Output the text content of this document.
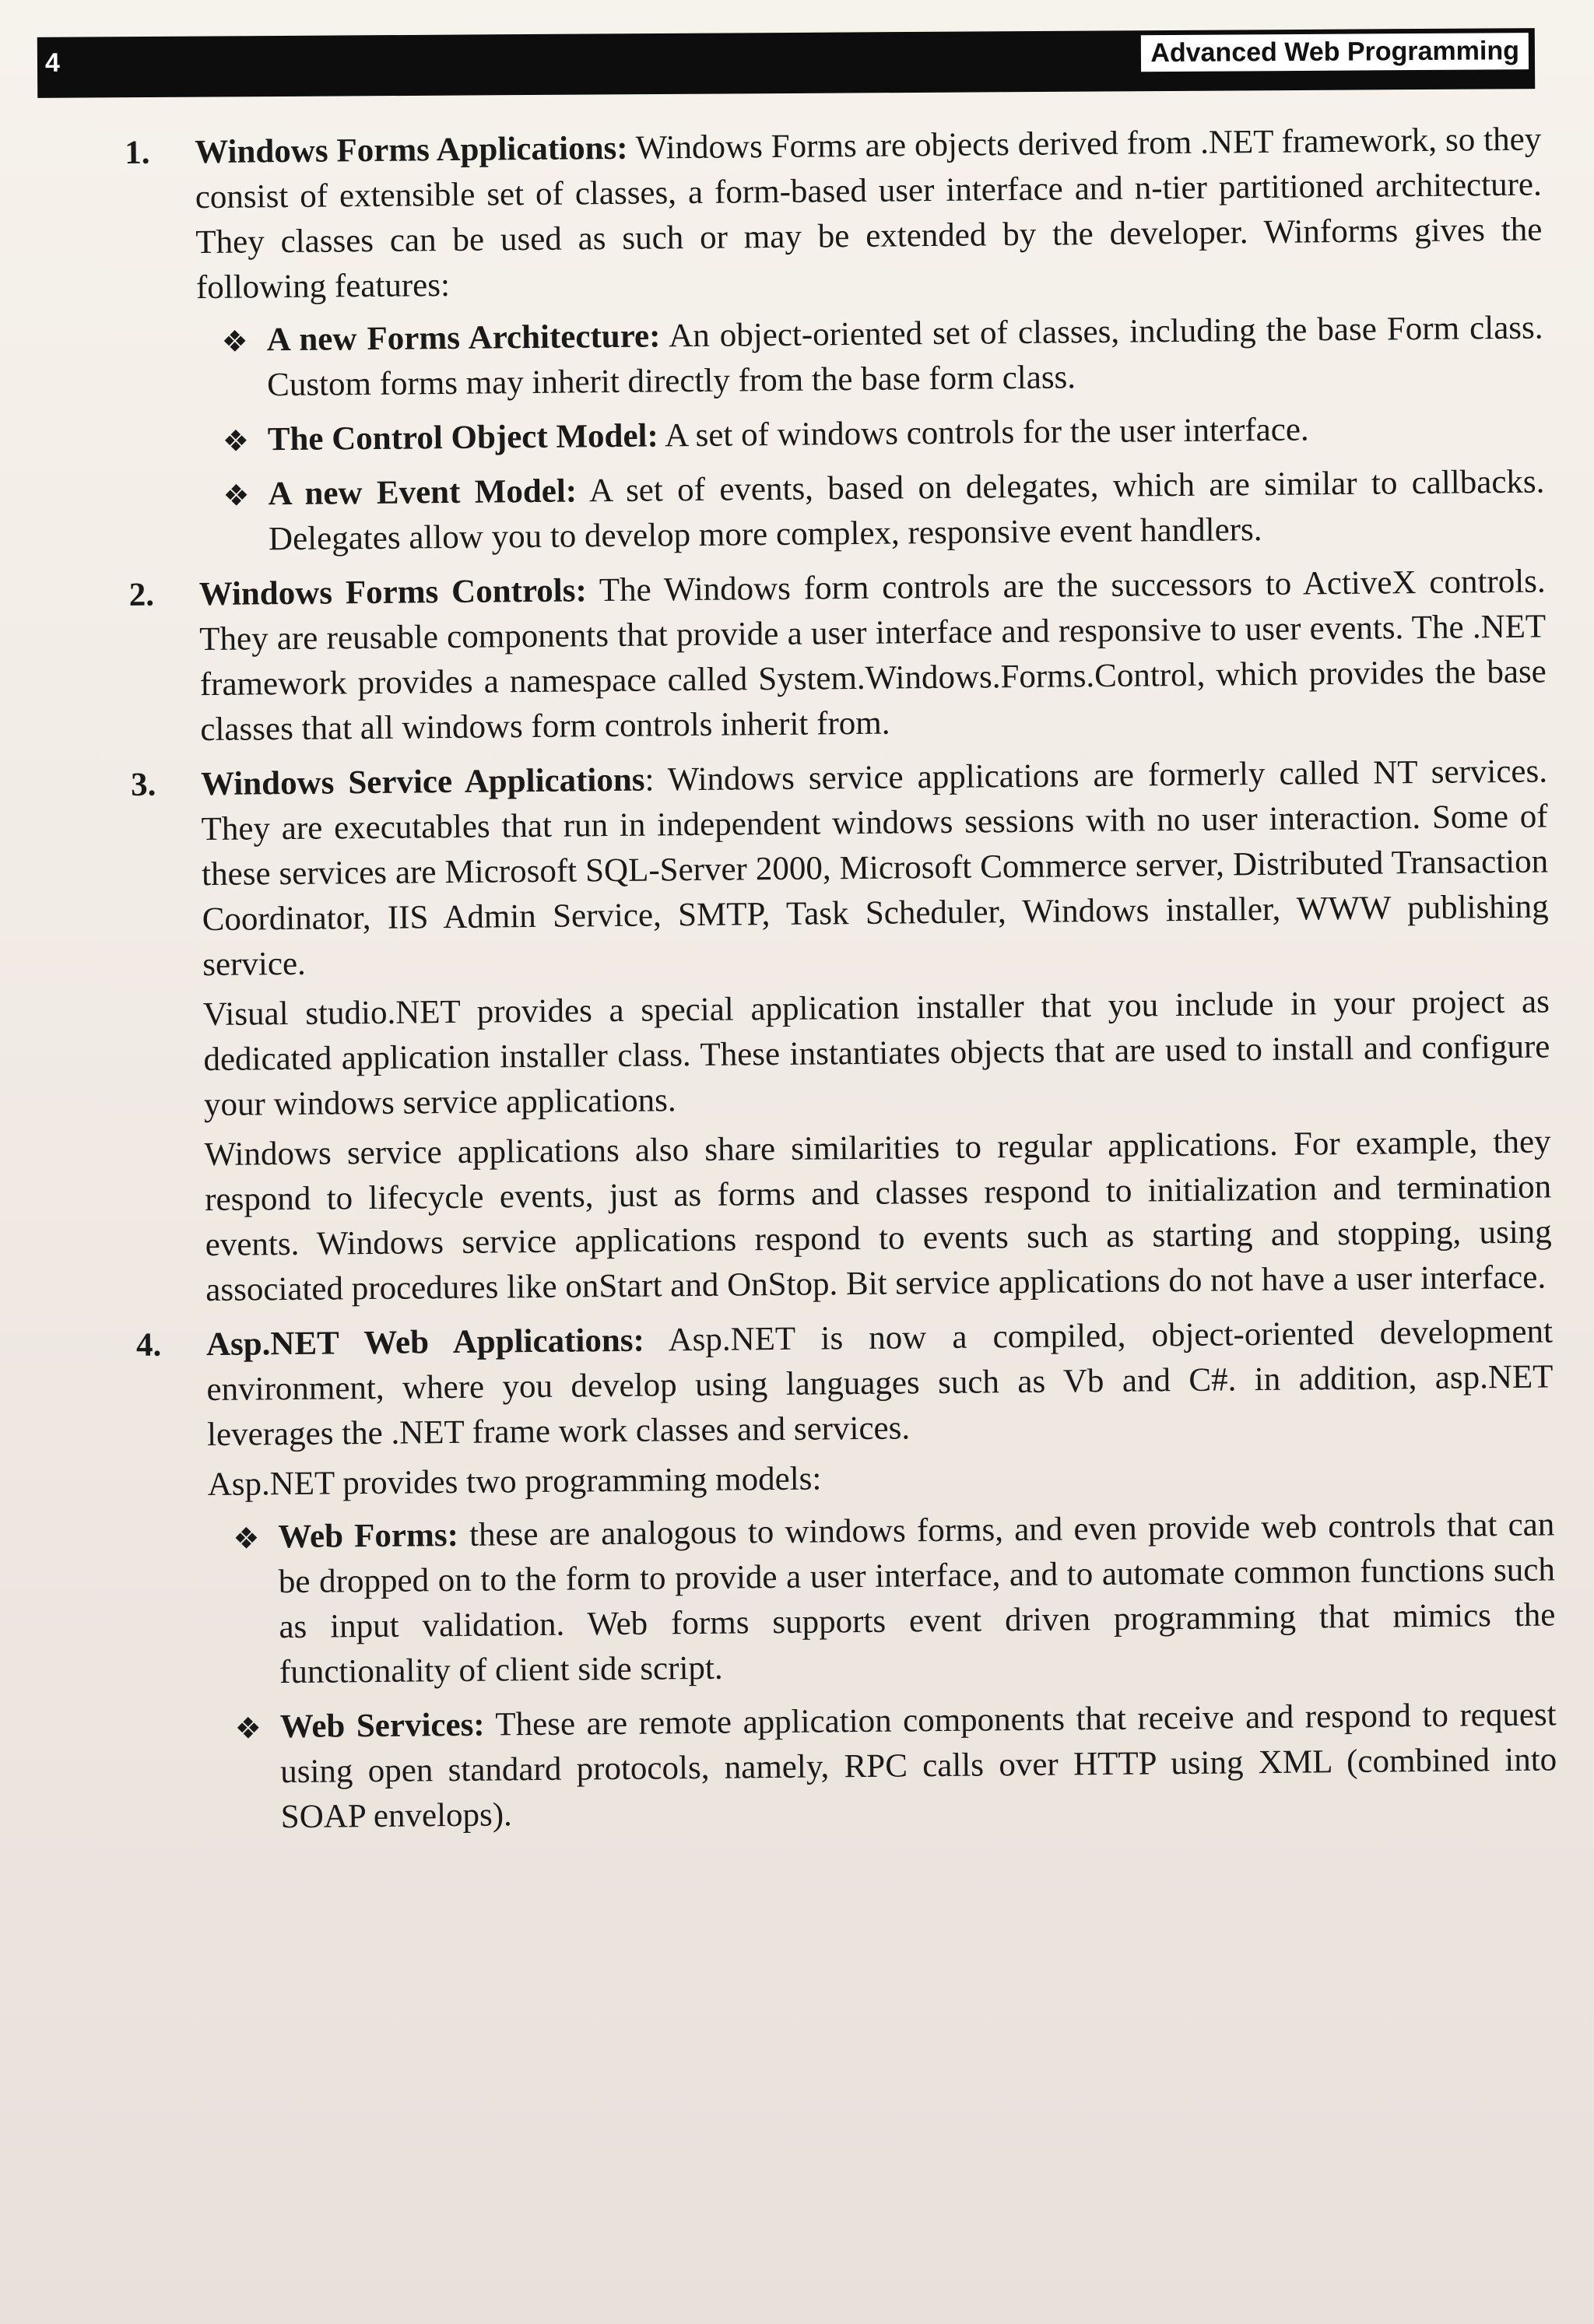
4	Advanced Web Programming
1. Windows Forms Applications: Windows Forms are objects derived from .NET framework, so they consist of extensible set of classes, a form-based user interface and n-tier partitioned architecture. They classes can be used as such or may be extended by the developer. Winforms gives the following features:

❖ A new Forms Architecture: An object-oriented set of classes, including the base Form class. Custom forms may inherit directly from the base form class.
❖ The Control Object Model: A set of windows controls for the user interface.
❖ A new Event Model: A set of events, based on delegates, which are similar to callbacks. Delegates allow you to develop more complex, responsive event handlers.
2. Windows Forms Controls: The Windows form controls are the successors to ActiveX controls. They are reusable components that provide a user interface and responsive to user events. The .NET framework provides a namespace called System.Windows.Forms.Control, which provides the base classes that all windows form controls inherit from.

3. Windows Service Applications: Windows service applications are formerly called NT services. They are executables that run in independent windows sessions with no user interaction. Some of these services are Microsoft SQL-Server 2000, Microsoft Commerce server, Distributed Transaction Coordinator, IIS Admin Service, SMTP, Task Scheduler, Windows installer, WWW publishing service.

Visual studio.NET provides a special application installer that you include in your project as dedicated application installer class. These instantiates objects that are used to install and configure your windows service applications.

Windows service applications also share similarities to regular applications. For example, they respond to lifecycle events, just as forms and classes respond to initialization and termination events. Windows service applications respond to events such as starting and stopping, using associated procedures like onStart and OnStop. Bit service applications do not have a user interface.

4. Asp.NET Web Applications: Asp.NET is now a compiled, object-oriented development environment, where you develop using languages such as Vb and C#. in addition, asp.NET leverages the .NET frame work classes and services.

Asp.NET provides two programming models:

❖ Web Forms: these are analogous to windows forms, and even provide web controls that can be dropped on to the form to provide a user interface, and to automate common functions such as input validation. Web forms supports event driven programming that mimics the functionality of client side script.
❖ Web Services: These are remote application components that receive and respond to request using open standard protocols, namely, RPC calls over HTTP using XML (combined into SOAP envelops).
